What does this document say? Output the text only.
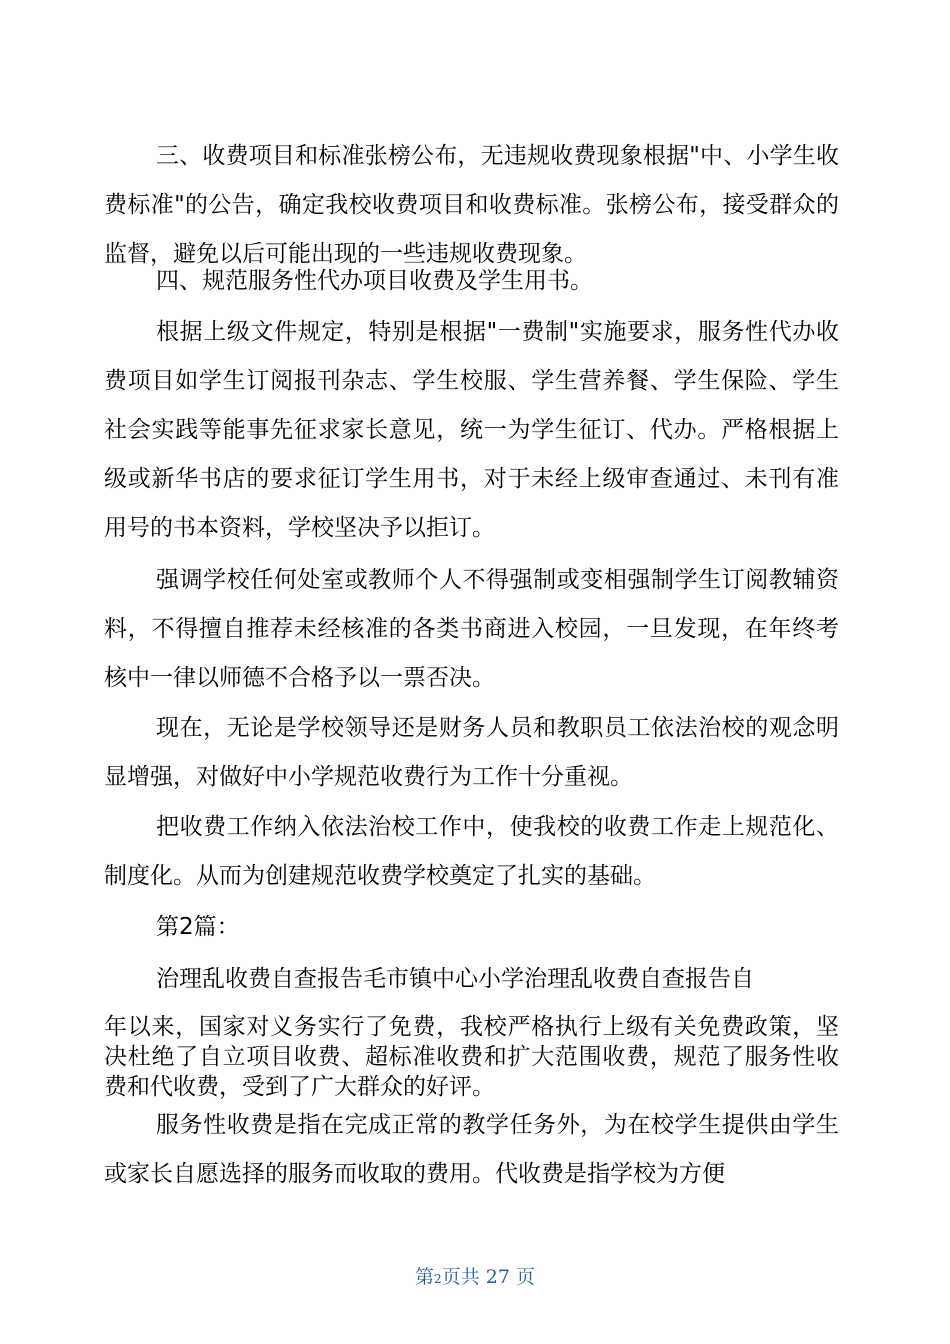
三、收费项目和标准张榜公布，无违规收费现象根据"中、小学生收费标准"的公告，确定我校收费项目和收费标准。张榜公布，接受群众的监督，避免以后可能出现的一些违规收费现象。

四、规范服务性代办项目收费及学生用书。

根据上级文件规定，特别是根据"一费制"实施要求，服务性代办收费项目如学生订阅报刊杂志、学生校服、学生营养餐、学生保险、学生社会实践等能事先征求家长意见，统一为学生征订、代办。严格根据上级或新华书店的要求征订学生用书，对于未经上级审查通过、未刊有准用号的书本资料，学校坚决予以拒订。

强调学校任何处室或教师个人不得强制或变相强制学生订阅教辅资料，不得擅自推荐未经核准的各类书商进入校园，一旦发现，在年终考核中一律以师德不合格予以一票否决。

现在，无论是学校领导还是财务人员和教职员工依法治校的观念明显增强，对做好中小学规范收费行为工作十分重视。

把收费工作纳入依法治校工作中，使我校的收费工作走上规范化、制度化。从而为创建规范收费学校奠定了扎实的基础。

第2篇：

治理乱收费自查报告毛市镇中心小学治理乱收费自查报告自

年以来，国家对义务实行了免费，我校严格执行上级有关免费政策，坚决杜绝了自立项目收费、超标准收费和扩大范围收费，规范了服务性收费和代收费，受到了广大群众的好评。

服务性收费是指在完成正常的教学任务外，为在校学生提供由学生或家长自愿选择的服务而收取的费用。代收费是指学校为方便

第2页共 27 页
